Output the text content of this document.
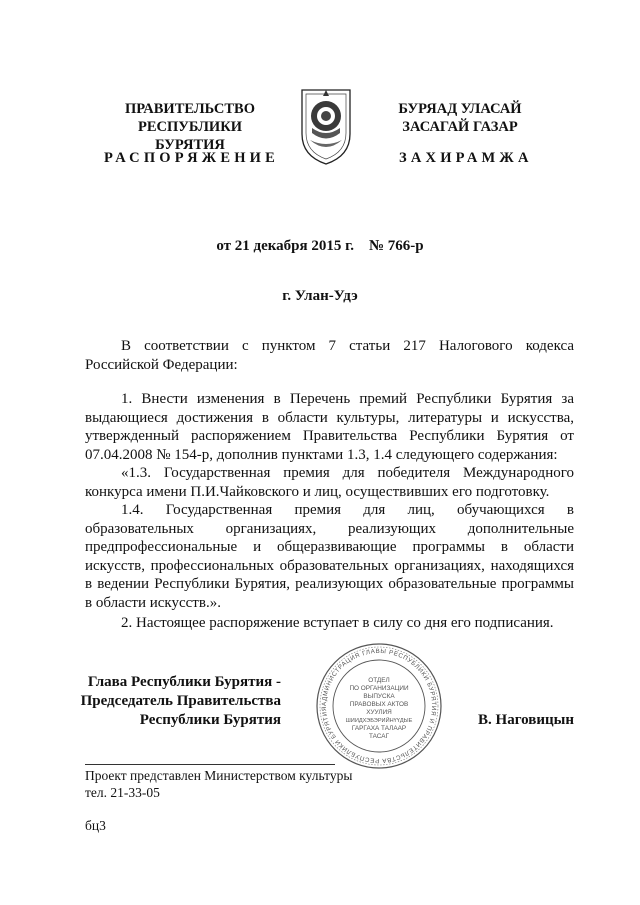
ПРАВИТЕЛЬСТВО
РЕСПУБЛИКИ БУРЯТИЯ
РАСПОРЯЖЕНИЕ
БУРЯАД УЛАСАЙ
ЗАСАГАЙ ГАЗАР
ЗАХИРАМЖА
от 21 декабря 2015 г.    № 766-р
г. Улан-Удэ

В соответствии с пунктом 7 статьи 217 Налогового кодекса Российской Федерации:

1. Внести изменения в Перечень премий Республики Бурятия за выдающиеся достижения в области культуры, литературы и искусства, утвержденный распоряжением Правительства Республики Бурятия от 07.04.2008 № 154-р, дополнив пунктами 1.3, 1.4 следующего содержания:

«1.3. Государственная премия для победителя Международного конкурса имени П.И.Чайковского и лиц, осуществивших его подготовку.

1.4. Государственная премия для лиц, обучающихся в образовательных организациях, реализующих дополнительные предпрофессиональные и общеразвивающие программы в области искусств, профессиональных образовательных организациях, находящихся в ведении Республики Бурятия, реализующих образовательные программы в области искусств.».

2. Настоящее распоряжение вступает в силу со дня его подписания.

Глава Республики Бурятия -
Председатель Правительства
Республики Бурятия	В. Наговицын
АДМИНИСТРАЦИЯ ГЛАВЫ РЕСПУБЛИКИ БУРЯТИЯ И ПРАВИТЕЛЬСТВА РЕСПУБЛИКИ БУРЯТИЯ
ОТДЕЛ
ПО ОРГАНИЗАЦИИ
ВЫПУСКА
ПРАВОВЫХ АКТОВ
ХУУЛИЯ
ШИИДХЭБЭРИЙНҮҮДЫЕ
ГАРГАХА ТАЛААР
ТАСАГ
Проект представлен Министерством культуры
тел. 21-33-05
бц3
